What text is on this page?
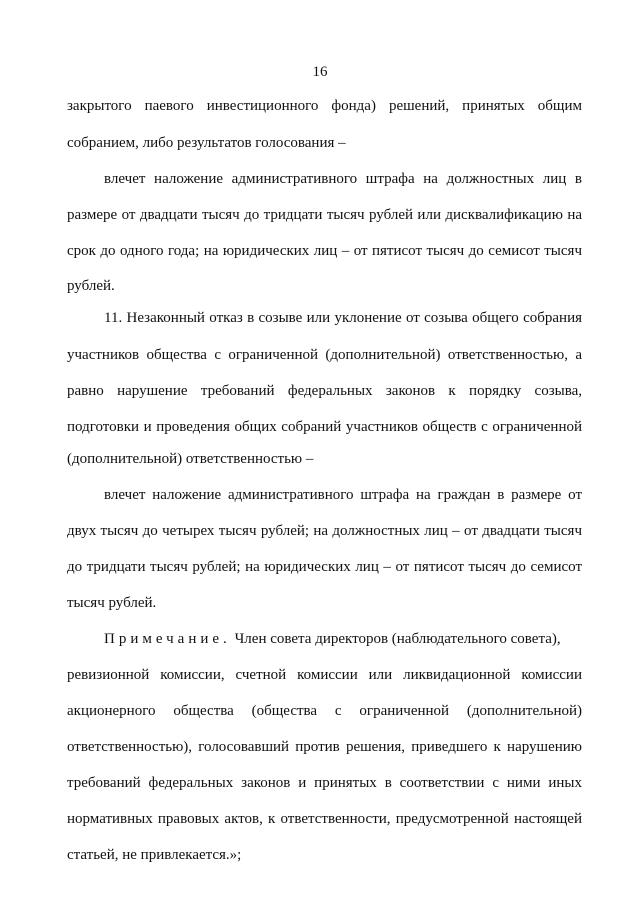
16
закрытого паевого инвестиционного фонда) решений, принятых общим
собранием, либо результатов голосования –
влечет наложение административного штрафа на должностных лиц в
размере от двадцати тысяч до тридцати тысяч рублей или дисквалификацию на
срок до одного года; на юридических лиц – от пятисот тысяч до семисот тысяч
рублей.
11. Незаконный отказ в созыве или уклонение от созыва общего собрания
участников общества с ограниченной (дополнительной) ответственностью, а
равно нарушение требований федеральных законов к порядку созыва,
подготовки и проведения общих собраний участников обществ с ограниченной
(дополнительной) ответственностью –
влечет наложение административного штрафа на граждан в размере от
двух тысяч до четырех тысяч рублей; на должностных лиц – от двадцати тысяч
до тридцати тысяч рублей; на юридических лиц – от пятисот тысяч до семисот
тысяч рублей.
Примечание. Член совета директоров (наблюдательного совета),
ревизионной комиссии, счетной комиссии или ликвидационной комиссии
акционерного общества (общества с ограниченной (дополнительной)
ответственностью), голосовавший против решения, приведшего к нарушению
требований федеральных законов и принятых в соответствии с ними иных
нормативных правовых актов, к ответственности, предусмотренной настоящей
статьей, не привлекается.»;
